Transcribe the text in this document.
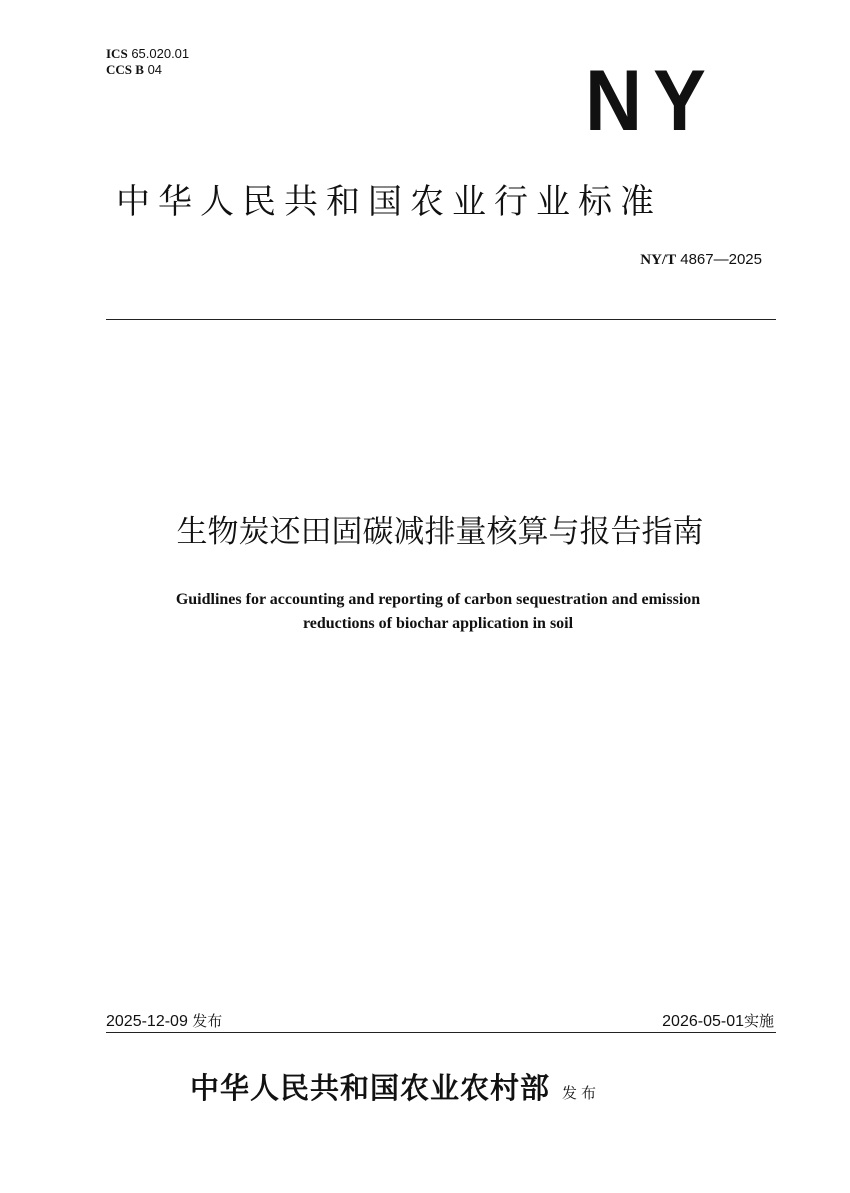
ICS 65.020.01
CCS B 04	NY
中华人民共和国农业行业标准
NY/T 4867—2025
生物炭还田固碳减排量核算与报告指南
Guidlines for accounting and reporting of carbon sequestration and emission
reductions of biochar application in soil
2025-12-09 发布	2026-05-01实施
中华人民共和国农业农村部 发布
